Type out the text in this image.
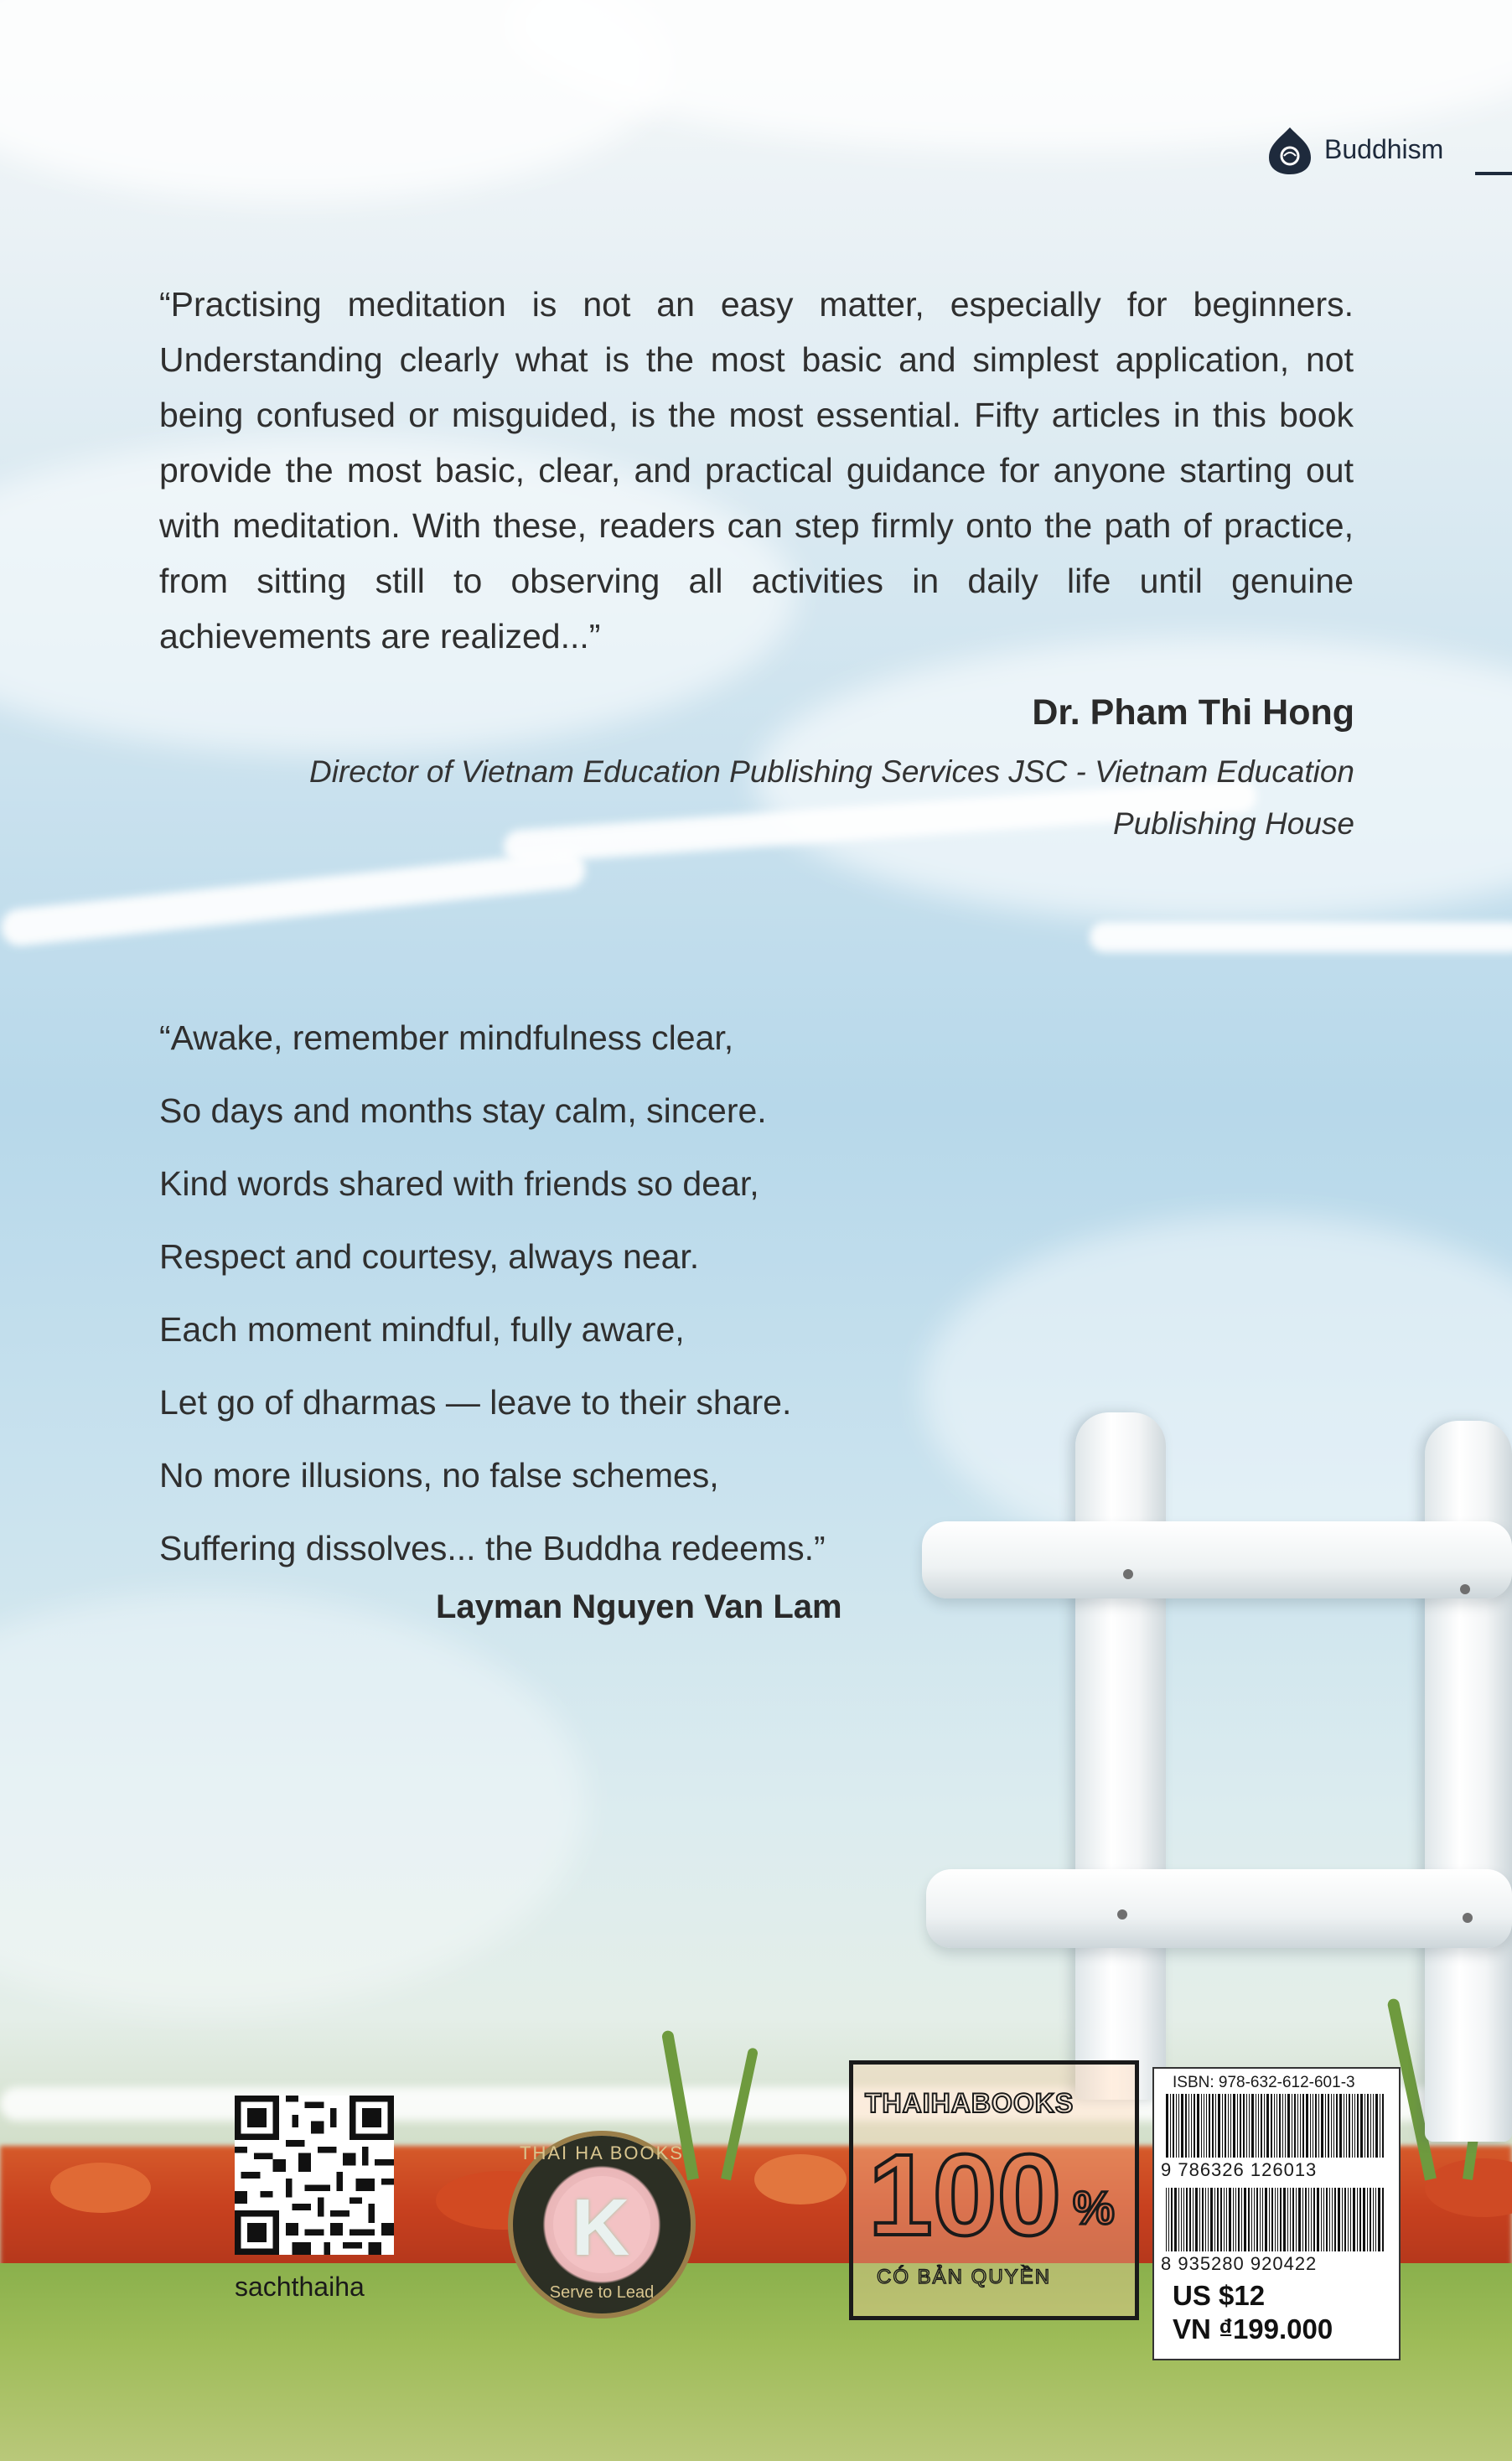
Buddhism
“Practising meditation is not an easy matter, especially for beginners. Understanding clearly what is the most basic and simplest application, not being confused or misguided, is the most essential. Fifty articles in this book provide the most basic, clear, and practical guidance for anyone starting out with meditation. With these, readers can step firmly onto the path of practice, from sitting still to observing all activities in daily life until genuine achievements are realized...”
Dr. Pham Thi Hong
Director of Vietnam Education Publishing Services JSC - Vietnam Education Publishing House
“Awake, remember mindfulness clear,
So days and months stay calm, sincere.
Kind words shared with friends so dear,
Respect and courtesy, always near.
Each moment mindful, fully aware,
Let go of dharmas — leave to their share.
No more illusions, no false schemes,
Suffering dissolves... the Buddha redeems.”
Layman Nguyen Van Lam
sachthaiha
THAI HA BOOKS
K
Serve to Lead
THAIHABOOKS
100 %
CÓ BẢN QUYỀN
ISBN: 978-632-612-601-3
9 786326 126013
8 935280 920422
US $12
VN ₫199.000
